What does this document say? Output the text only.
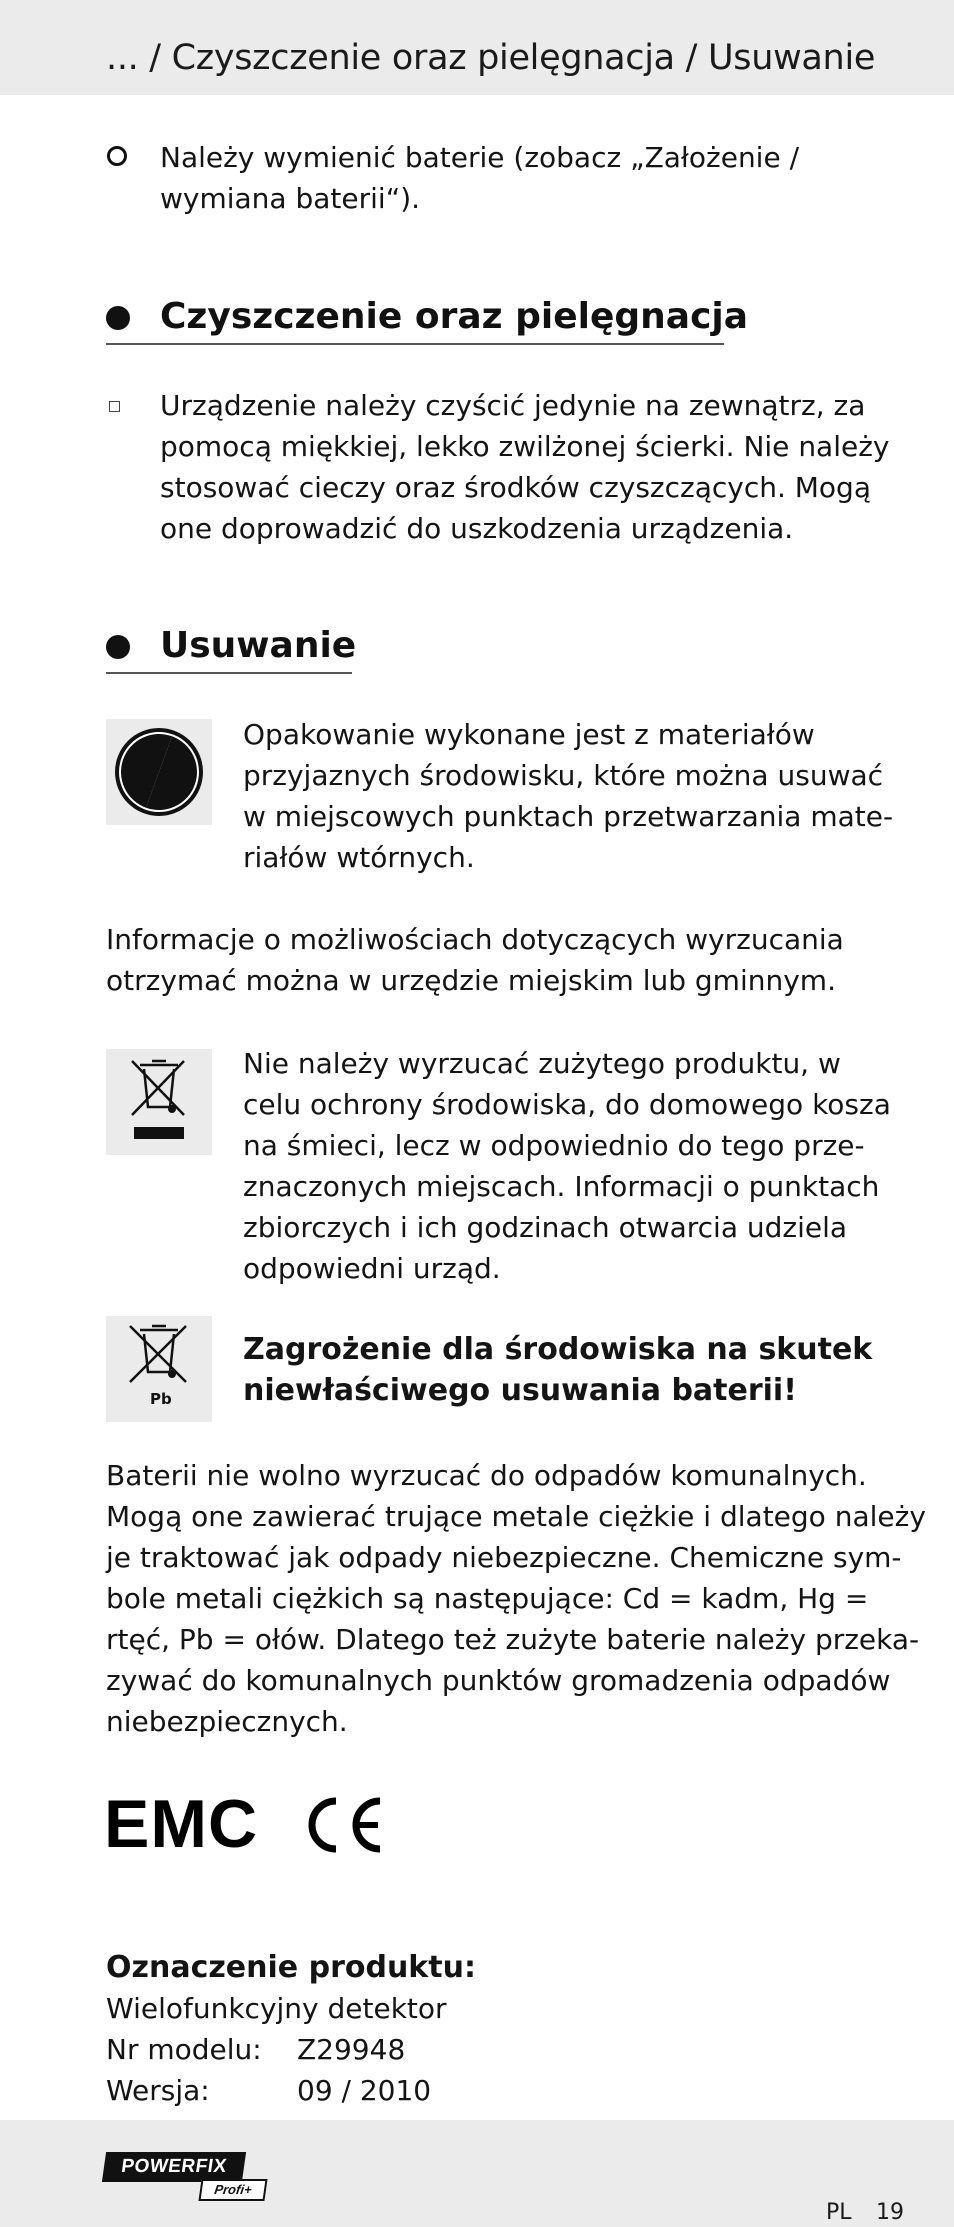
... / Czyszczenie oraz pielęgnacja / Usuwanie
Należy wymienić baterie (zobacz „Założenie /
wymiana baterii“).
Czyszczenie oraz pielęgnacja
Urządzenie należy czyścić jedynie na zewnątrz, za
pomocą miękkiej, lekko zwilżonej ścierki. Nie należy
stosować cieczy oraz środków czyszczących. Mogą
one doprowadzić do uszkodzenia urządzenia.
Usuwanie
Opakowanie wykonane jest z materiałów
przyjaznych środowisku, które można usuwać
w miejscowych punktach przetwarzania mate-
riałów wtórnych.
Informacje o możliwościach dotyczących wyrzucania
otrzymać można w urzędzie miejskim lub gminnym.
Nie należy wyrzucać zużytego produktu, w
celu ochrony środowiska, do domowego kosza
na śmieci, lecz w odpowiednio do tego prze-
znaczonych miejscach. Informacji o punktach
zbiorczych i ich godzinach otwarcia udziela
odpowiedni urząd.
Pb
Zagrożenie dla środowiska na skutek
niewłaściwego usuwania baterii!
Baterii nie wolno wyrzucać do odpadów komunalnych.
Mogą one zawierać trujące metale ciężkie i dlatego należy
je traktować jak odpady niebezpieczne. Chemiczne sym-
bole metali ciężkich są następujące: Cd = kadm, Hg =
rtęć, Pb = ołów. Dlatego też zużyte baterie należy przeka-
zywać do komunalnych punktów gromadzenia odpadów
niebezpiecznych.
EMC
Oznaczenie produktu:
Wielofunkcyjny detektor
Nr modelu: Z29948
Wersja:	09 / 2010
POWERFIX
Profi+
PL 19
